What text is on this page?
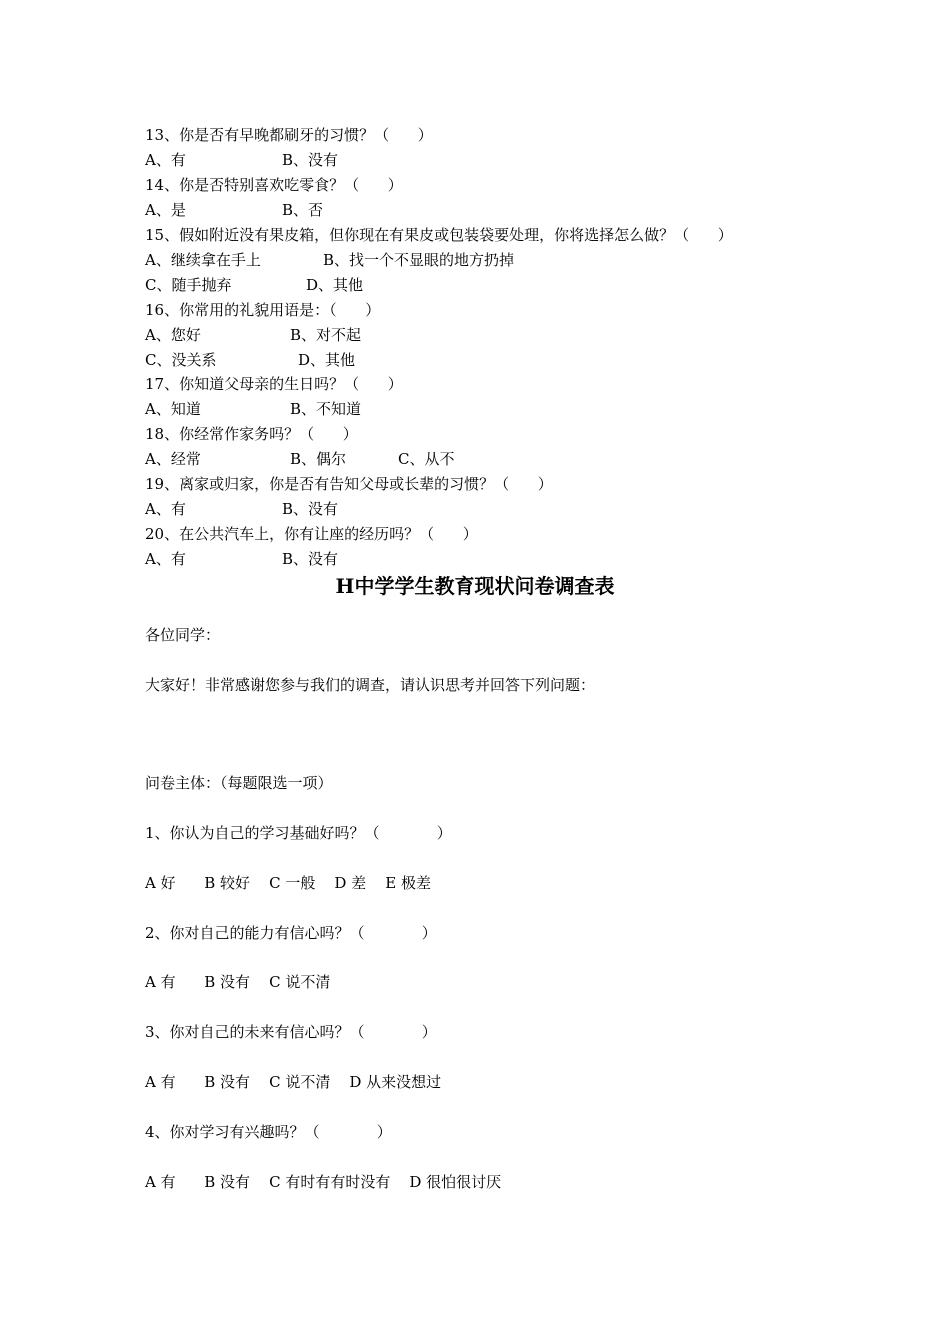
13、你是否有早晚都刷牙的习惯？（      ）
A、有	B、没有
14、你是否特别喜欢吃零食？（      ）
A、是	B、否
15、假如附近没有果皮箱，但你现在有果皮或包装袋要处理，你将选择怎么做？（      ）
A、继续拿在手上	B、找一个不显眼的地方扔掉
C、随手抛弃	D、其他
16、你常用的礼貌用语是：（      ）
A、您好	B、对不起
C、没关系	D、其他
17、你知道父母亲的生日吗？（      ）
A、知道	B、不知道
18、你经常作家务吗？（      ）
A、经常	B、偶尔	C、从不
19、离家或归家，你是否有告知父母或长辈的习惯？（      ）
A、有	B、没有
20、在公共汽车上，你有让座的经历吗？（      ）
A、有	B、没有
H中学学生教育现状问卷调查表
各位同学：
大家好！非常感谢您参与我们的调查，请认识思考并回答下列问题：
问卷主体：（每题限选一项）
1、你认为自己的学习基础好吗？（            ）
A 好      B 较好    C 一般    D 差    E 极差
2、你对自己的能力有信心吗？（            ）
A 有      B 没有    C 说不清
3、你对自己的未来有信心吗？（            ）
A 有      B 没有    C 说不清    D 从来没想过
4、你对学习有兴趣吗？（            ）
A 有      B 没有    C 有时有有时没有    D 很怕很讨厌
